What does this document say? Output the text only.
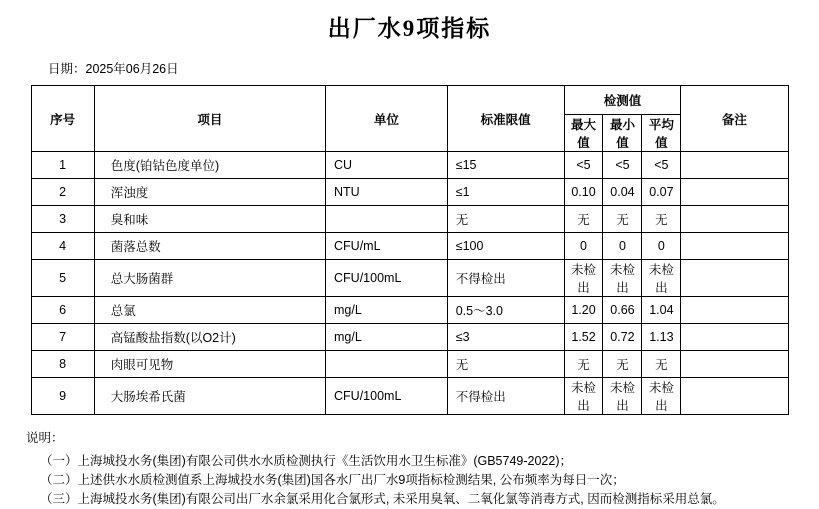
出厂水9项指标
日期：2025年06月26日
序号	项目	单位	标准限值	检测值			备注
				最大值	最小值	平均值	
1	色度(铂钴色度单位)	CU	≤15	<5	<5	<5	
2	浑浊度	NTU	≤1	0.10	0.04	0.07	
3	臭和味		无	无	无	无	
4	菌落总数	CFU/mL	≤100	0	0	0	
5	总大肠菌群	CFU/100mL	不得检出	未检出	未检出	未检出	
6	总氯	mg/L	0.5～3.0	1.20	0.66	1.04	
7	高锰酸盐指数(以O2计)	mg/L	≤3	1.52	0.72	1.13	
8	肉眼可见物		无	无	无	无	
9	大肠埃希氏菌	CFU/100mL	不得检出	未检出	未检出	未检出	
说明：
（一）上海城投水务(集团)有限公司供水水质检测执行《生活饮用水卫生标准》(GB5749-2022)；
（二）上述供水水质检测值系上海城投水务(集团)国各水厂出厂水9项指标检测结果, 公布频率为每日一次；
（三）上海城投水务(集团)有限公司出厂水余氯采用化合氯形式, 未采用臭氧、二氧化氯等消毒方式, 因而检测指标采用总氯。
